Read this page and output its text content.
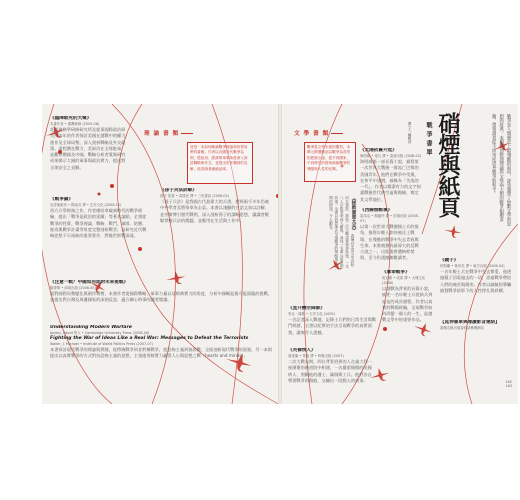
《臨陣敢死的大聲》

本書作者 • 臺灣商務 (2005-06)

赴美進修學研修研究所及從事國際政治研究所多年的作者探討美國在越戰中的權力運作及全球局勢，深入剖析戰略及外交政策。遠程潛在戰力，美軍仍在全球駐軍，並觀察俄國及中國。戰略分析者蒐集研究成果揭示大國的軍事與政治實力，提出對全球安全之見解。

理 論 書 類

這是一本如何解讀戰爭理論和世界局勢的書籍。作者以各國近代戰爭為例，從政治、經濟與軍事角度深入探討戰略與外交，並提出許多獨到的見解，值得讀者細細品味。

《孫子兵法詳解》

孫子 原著 • 黃樸民 譯 • 三民書局 (2006-02)

《孫子兵法》是我國古代最偉大的兵書，歷經兩千多年仍被中外學者及將領奉為圭臬。本書以淺顯的白話文加以註解，並旁徵博引歷代戰例，深入剖析孫子的謀略思想，讓讀者輕鬆掌握兵法的精髓，並應用在生活與工作中。

《戰爭論》

克勞塞維茨 • 楊南芳 譯 • 左岸文化 (2006-11)

西方兵學經典之作，作者總結拿破崙時代的戰爭經驗，提出「戰爭是政治的延續」等著名論點。全書從戰爭的性質、戰爭理論、戰略、戰鬥、軍隊、防禦、進攻與戰爭計畫等角度完整剖析戰爭，是研究近代戰略思想不可或缺的重要著作，對後世影響深遠。

《注意一戰？中國如何面對未來挑戰》

楊建華 • 商周出版 (2006-05)

面對國際局勢變化與兩岸情勢，本書作者從國際戰略、軍事力量以及經濟實力的角度，分析中國崛起後可能面臨的挑戰，並提出對台灣及周邊國家的深刻反思，適合關心時事的讀者閱讀。

Understanding Modern Warfare

Jordan, David 等人 • Cambridge University Press (2008-06)

Fighting the War of Ideas Like a Real War: Messages to Defeat the Terrorists

Waller, J. Michael • Institute of World Politics Press (2007-07)

本書探討現代戰爭的理論與實踐，從傳統戰爭到非對稱戰爭，從恐怖主義到資訊戰，全面剖析現代戰爭的面貌。另一本則提出以真實戰爭的方式對抗恐怖主義的思想，主張運用軟實力贏得人心與思想之戰（hearts and minds）。

文 學 書 類

戰爭是文學永恆的題材。本單元精選數部以戰爭為背景的經典小說，從不同國家、不同時代的視角描繪戰爭的殘酷與人性的光輝。	硝煙與紙頁
戰爭書單
撰文 / 編輯部	戰爭是人類歷史上最殘酷的面向，卻也激發了無數文學與思想的經典。本期特別整理理論與文學兩大類的戰爭相關書籍，帶領讀者從不同角度思考戰爭與和平。

《太陽依舊升起》

海明威 • 逸凡 譯 • 遠流出版 (2008-02)

海明威第一部長篇小說，描寫第一次世界大戰後一群流亡巴黎的美國青年，他們在戰爭中受傷，在和平中迷惘，被稱為「失落的一代」。作者以簡潔有力的文字刻畫戰後世代的空虛與傷痛，奠定其文學地位。

《拯救雷恩大兵》 改編自史蒂芬史匹柏同名電影，描寫二次大戰諾曼第登陸後，一支八人小隊奉命深入敵後，尋找一名傘兵雷恩的故事。全書以寫實筆法呈現戰爭的殘酷與士兵間的情誼，令人動容。	《西線無戰事》

雷馬克 • 顏徽玲 譯 • 好讀出版 (2008-07)

以第一次世界大戰德國士兵的視角，描寫年輕人如何被送上戰場，在殘酷的戰爭中失去青春與生命。本書被譽為最偉大的反戰小說之一，出版後曾遭納粹焚毀，至今仍震撼無數讀者。

《鏡子》

伊斯蘭 • 林蒂芙 譯 • 東方出版 (2006-04)

一名年輕士兵在戰爭中失去摯愛，他透過鏡子回看過去的一切，思索戰爭帶給人們的痛苦與傷害。作者以細膩的筆觸描寫戰爭陰影下的人性掙扎與救贖。

《奪命戰爭》

班克斯 • 成寒 譯 • 大塊文化 (2006)

以越戰為背景的長篇小說，描述一名年輕士兵從新兵到退伍的成長歷程。作者以真實的戰場經驗，呈現戰爭如何改變一個人的一生，是越戰文學中的重要作品。

《直升機空降師》

麥克・傑斯 • 左岸文化 (2005)

一名記者深入戰地，記錄士兵們的日常生活與戰鬥經歷。全書以紀實的手法呈現戰爭的真實面貌，讀來令人震撼。

《英倫情人》

翁達傑 • 景翔 譯 • 時報出版 (2007)

二次大戰末期，四位背景迥異的人在義大利一座廢棄的修道院中相遇，一名嚴重燒傷的英國病人、照顧他的護士、竊賊與工兵。他們各自帶著戰爭的傷痕，交織出一段動人的故事。

【延伸書單與導讀影音連結】

書籍名稱出版資料請參閱網站

162
163
